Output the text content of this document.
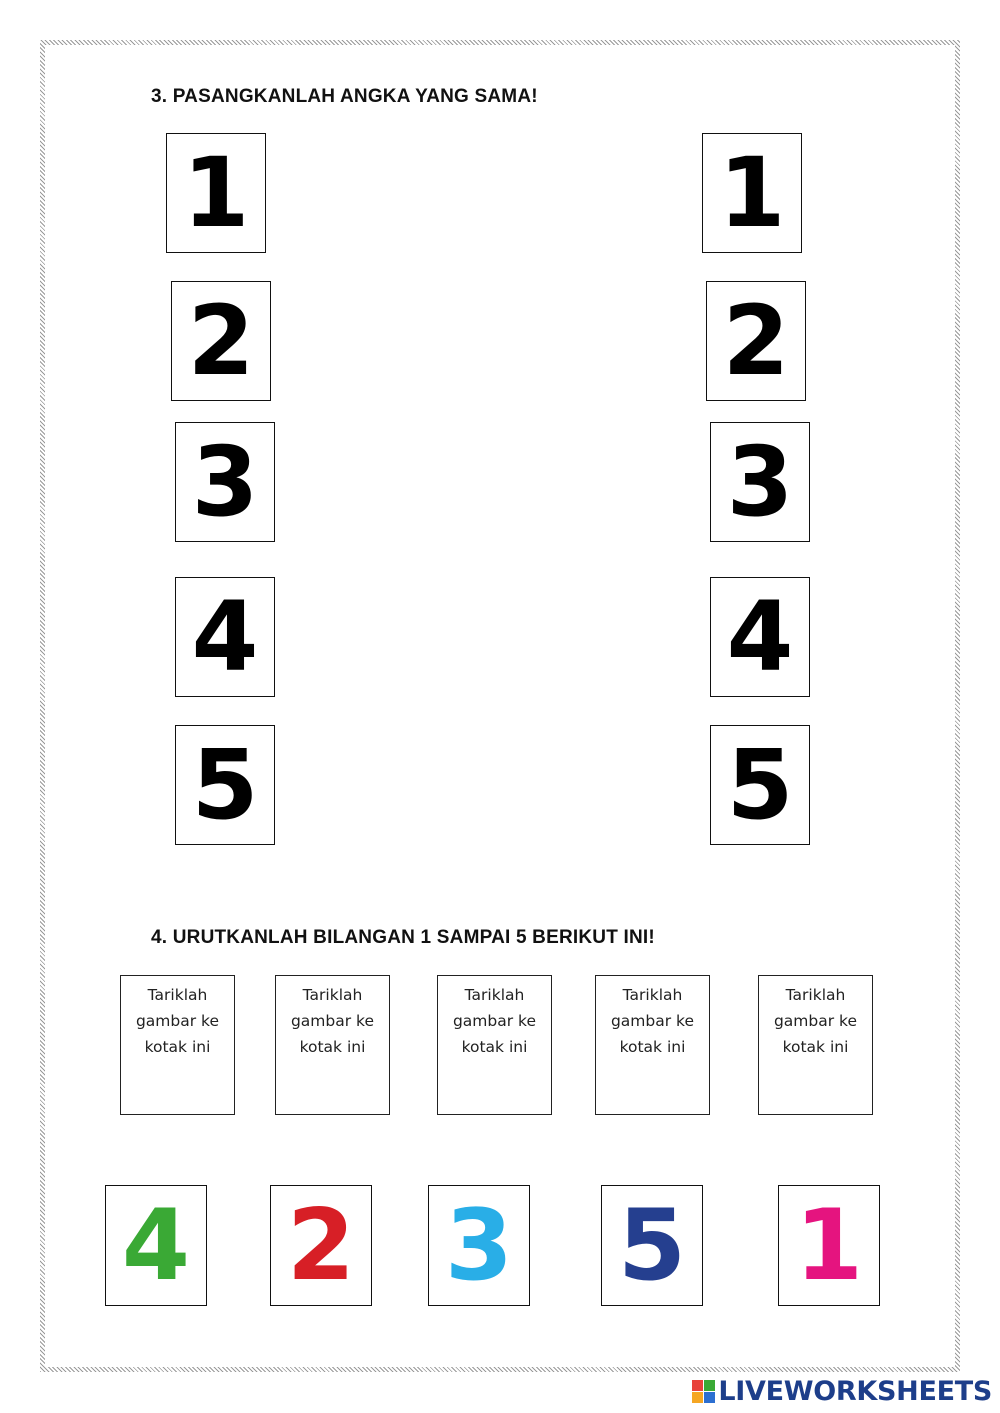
3. PASANGKANLAH ANGKA YANG SAMA!
1
2
3
4
5
1
2
3
4
5
4. URUTKANLAH BILANGAN 1 SAMPAI 5 BERIKUT INI!
Tariklah
gambar ke
kotak ini
Tariklah
gambar ke
kotak ini
Tariklah
gambar ke
kotak ini
Tariklah
gambar ke
kotak ini
Tariklah
gambar ke
kotak ini
4 2 3 5 1
LIVEWORKSHEETS
